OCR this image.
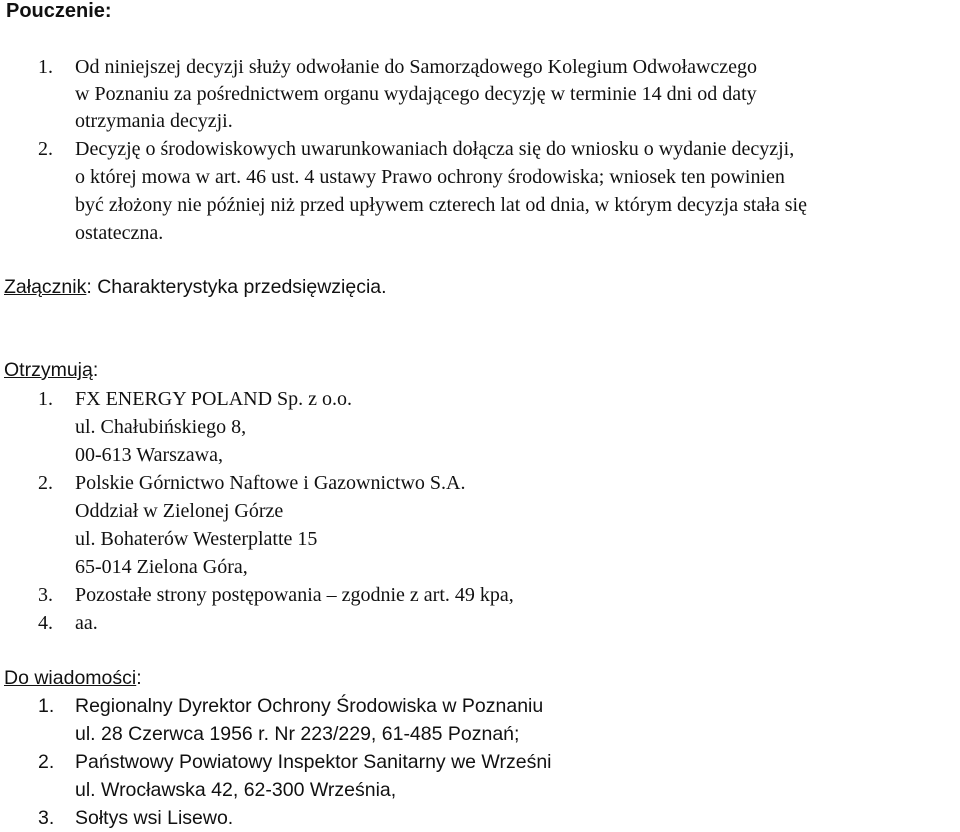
Pouczenie:
1. Od niniejszej decyzji służy odwołanie do Samorządowego Kolegium Odwoławczego
w Poznaniu za pośrednictwem organu wydającego decyzję w terminie 14 dni od daty
otrzymania decyzji.
2. Decyzję o środowiskowych uwarunkowaniach dołącza się do wniosku o wydanie decyzji,
o której mowa w art. 46 ust. 4 ustawy Prawo ochrony środowiska; wniosek ten powinien
być złożony nie później niż przed upływem czterech lat od dnia, w którym decyzja stała się
ostateczna.
Załącznik: Charakterystyka przedsięwzięcia.
Otrzymują:
1. FX ENERGY POLAND Sp. z o.o.
ul. Chałubińskiego 8,
00-613 Warszawa,
2. Polskie Górnictwo Naftowe i Gazownictwo S.A.
Oddział w Zielonej Górze
ul. Bohaterów Westerplatte 15
65-014 Zielona Góra,
3. Pozostałe strony postępowania – zgodnie z art. 49 kpa,
4. aa.
Do wiadomości:
1. Regionalny Dyrektor Ochrony Środowiska w Poznaniu
ul. 28 Czerwca 1956 r. Nr 223/229, 61-485 Poznań;
2. Państwowy Powiatowy Inspektor Sanitarny we Wrześni
ul. Wrocławska 42, 62-300 Września,
3. Sołtys wsi Lisewo.
